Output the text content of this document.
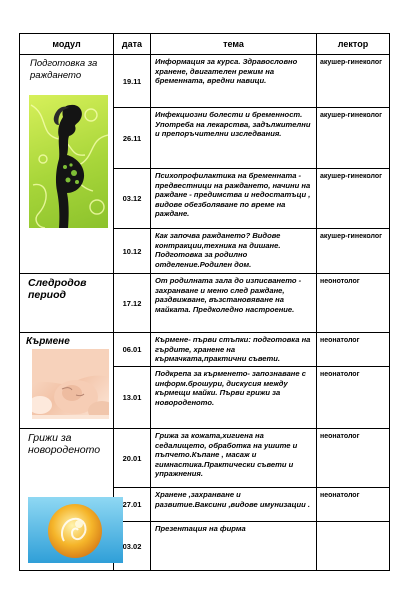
модул	дата	тема	лектор

Подготовка за раждането	19.11	Информация за курса. Здравословно хранене, двигателен режим на бременната, вредни навици.	акушер-гинеколог
	26.11	Инфекциозни болести и бременност. Употреба на лекарства, задължителни и препоръчителни изследвания.	акушер-гинеколог
	03.12	Психопрофилактика на бременната - предвестници на раждането, начини на раждане - предимства и недостатъци , видове обезболяване по време на раждане.	акушер-гинеколог
	10.12	Как започва раждането? Видове контракции,техника на дишане. Подготовка за родилно отделение.Родилен дом.	акушер-гинеколог

Следродов период	17.12	От родилната зала до изписването - захранване и меню след раждане, раздвижване, възстановяване на майката. Предколедно настроение.	неонотолог

Кърмене	06.01	Кърмене- първи стъпки: подготовка на гърдите, хранене на кърмачката,практични съвети.	неонатолог
	13.01	Подкрепа за кърменето- запознаване с информ.брошури, дискусия между кърмещи майки. Първи грижи за новороденото.	неонатолог

Грижи за новороденото	20.01	Грижа за кожата,хигиена на седалището, обработка на ушите и пъпчето.Къпане , масаж и гимнастика.Практически съвети и упражнения.	неонатолог
	27.01	Хранене ,захранване и развитие.Ваксини ,видове имунизации .	неонатолог
	03.02	Презентация на фирма	
